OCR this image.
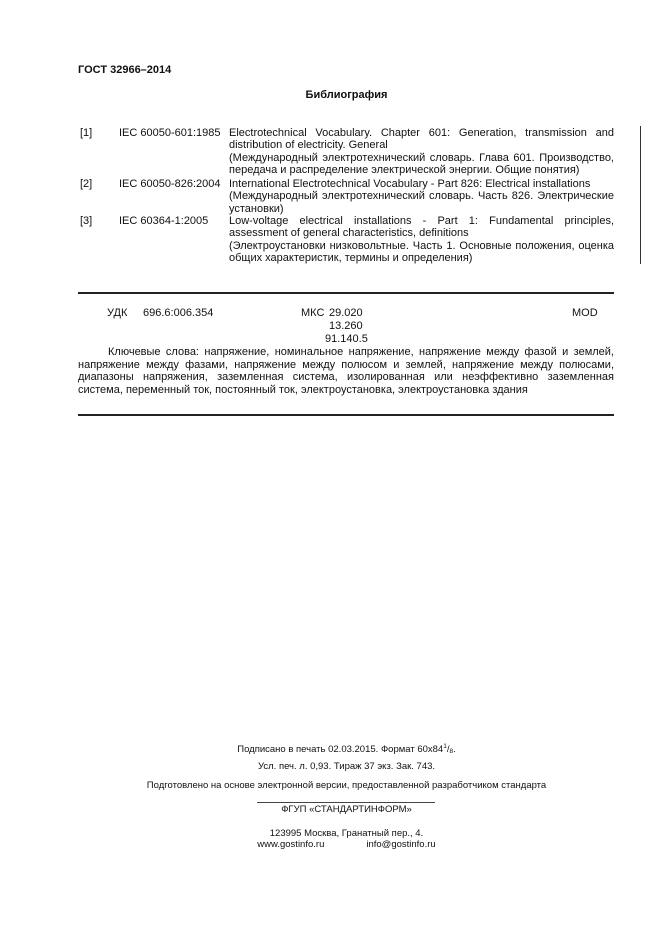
ГОСТ 32966–2014
Библиография
[1] IEC 60050-601:1985 Electrotechnical Vocabulary. Chapter 601: Generation, transmission and distribution of electricity. General

(Международный электротехнический словарь. Глава 601. Производство, передача и распределение электрической энергии. Общие понятия)

[2] IEC 60050-826:2004 International Electrotechnical Vocabulary - Part 826: Electrical installations

(Международный электротехнический словарь. Часть 826. Электрические установки)

[3] IEC 60364-1:2005 Low-voltage electrical installations - Part 1: Fundamental principles, assessment of general characteristics, definitions

(Электроустановки низковольтные. Часть 1. Основные положения, оценка общих характеристик, термины и определения)

УДК 696.6:006.354	МКС 29.020
13.260
91.140.5
MOD
Ключевые слова: напряжение, номинальное напряжение, напряжение между фазой и землей, напряжение между фазами, напряжение между полюсом и землей, напряжение между полюсами, диапазоны напряжения, заземленная система, изолированная или неэффективно заземленная система, переменный ток, постоянный ток, электроустановка, электроустановка здания
Подписано в печать 02.03.2015. Формат $60x84^1/_8$.
Усл. печ. л. 0,93. Тираж 37 экз. Зак. 743.
Подготовлено на основе электронной версии, предоставленной разработчиком стандарта
ФГУП «СТАНДАРТИНФОРМ»
123995 Москва, Гранатный пер., 4.
www.gostinfo.ru	info@gostinfo.ru
